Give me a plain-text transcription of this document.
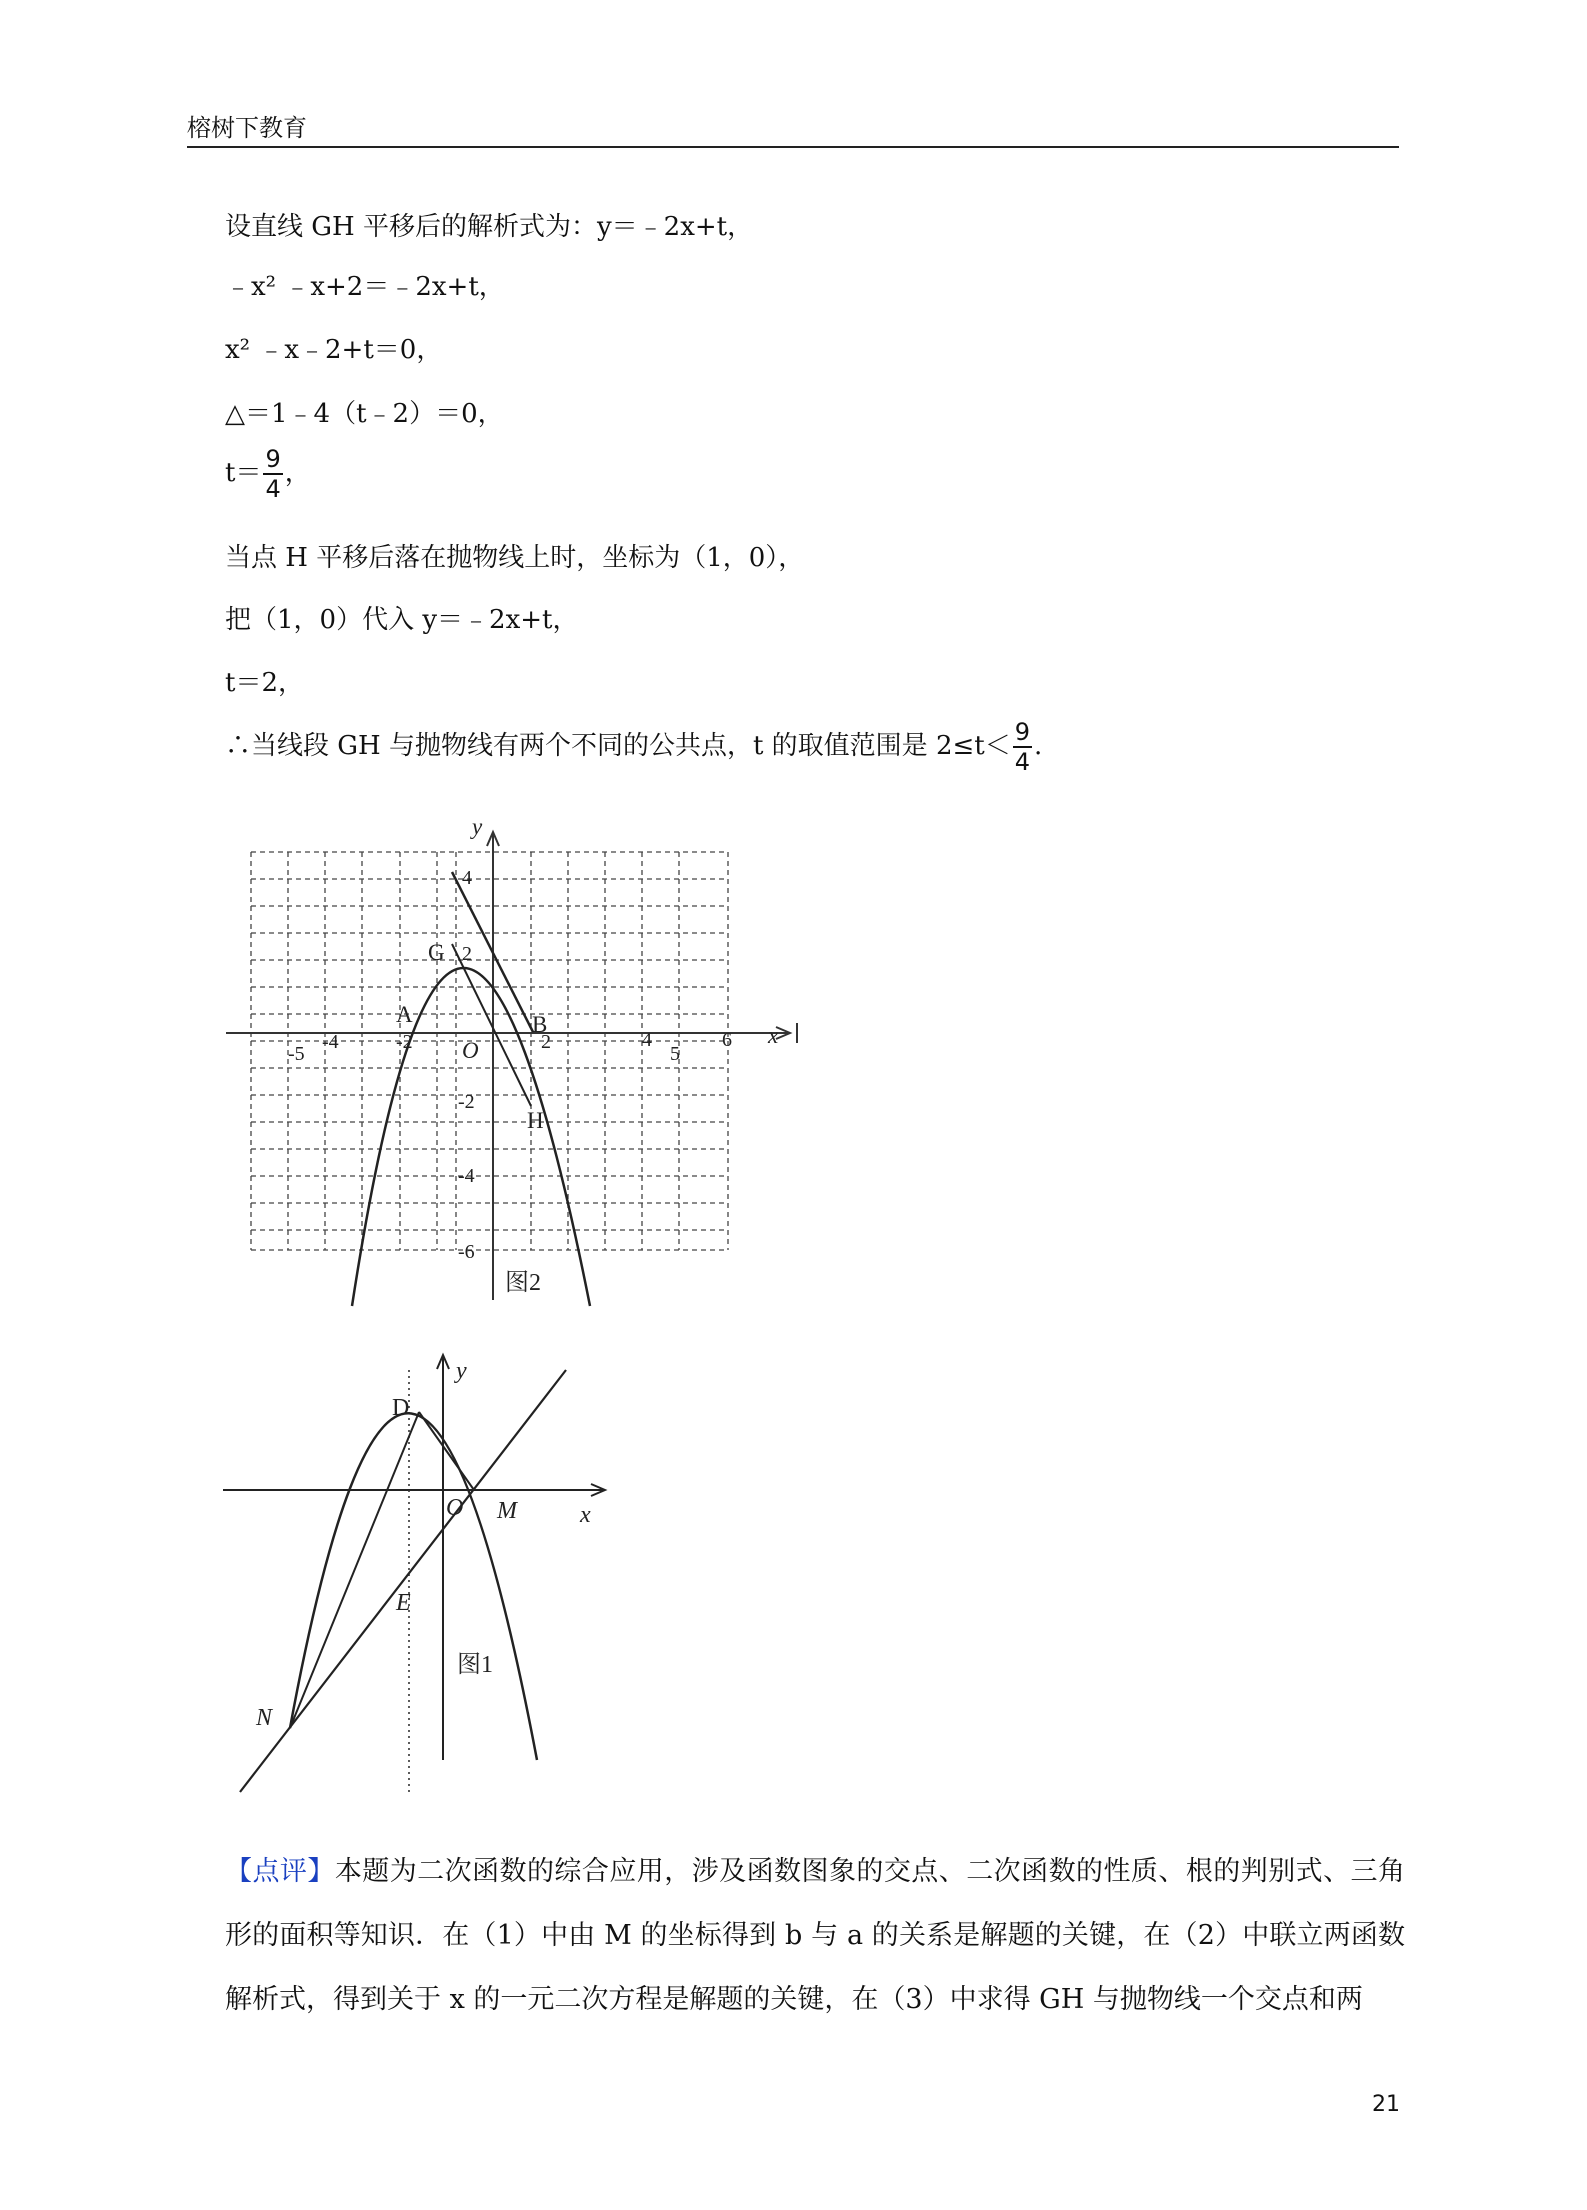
榕树下教育
设直线 GH 平移后的解析式为：y＝﹣2x+t，
﹣x² ﹣x+2＝﹣2x+t，
x² ﹣x﹣2+t＝0，
△＝1﹣4（t﹣2）＝0，
$t= \frac{9}{4}$ ，
当点 H 平移后落在抛物线上时，坐标为（1，0），
把（1，0）代入 y＝﹣2x+t，
t＝2，
∴当线段 GH 与抛物线有两个不同的公共点，t 的取值范围是 $2\le t< \frac{9}{4}$ .
y
x
O
A	B
G
H
-5
-4	-2	2	4
5
6
4
2
-2
-4
-6
图2
y
x
O
D
M
E
N
图1
【点评】本题为二次函数的综合应用，涉及函数图象的交点、二次函数的性质、根的判别式、三角形的面积等知识．在（1）中由 M 的坐标得到 b 与 a 的关系是解题的关键，在（2）中联立两函数解析式，得到关于 x 的一元二次方程是解题的关键，在（3）中求得 GH 与抛物线一个交点和两
21
